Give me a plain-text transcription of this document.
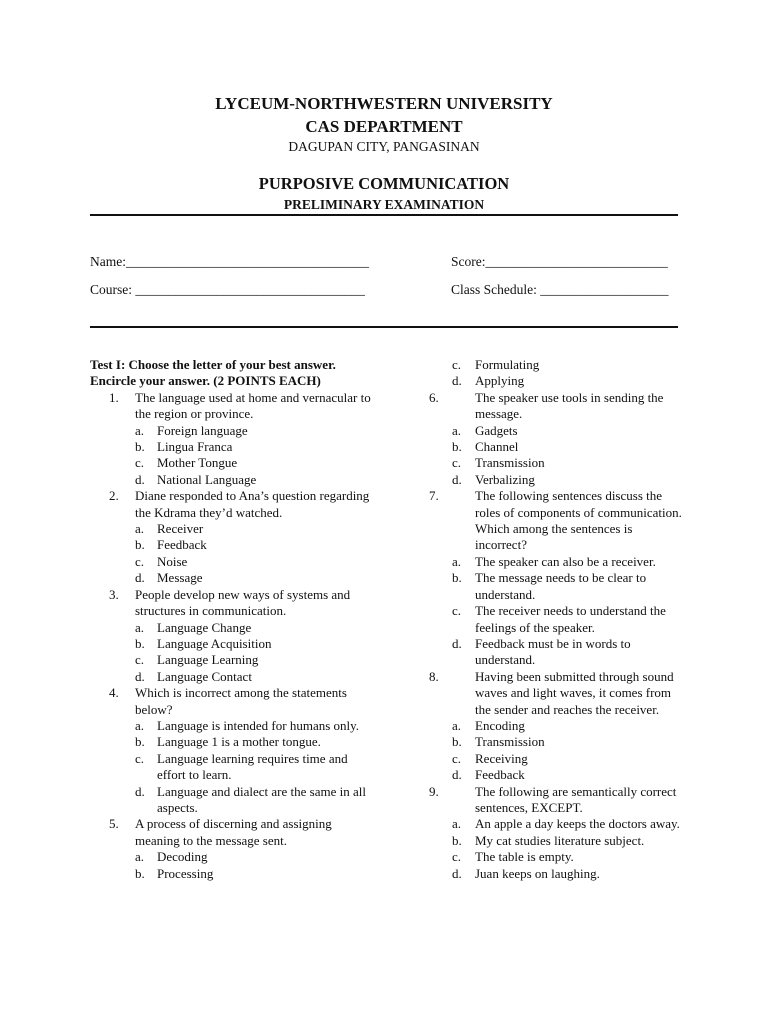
LYCEUM-NORTHWESTERN UNIVERSITY
CAS DEPARTMENT
DAGUPAN CITY, PANGASINAN
PURPOSIVE COMMUNICATION
PRELIMINARY EXAMINATION
Name:____________________________________	Score:___________________________
Course: __________________________________	Class Schedule: ___________________
Test I: Choose the letter of your best answer.
Encircle your answer. (2 POINTS EACH)
1. The language used at home and vernacular to the region or province.
a. Foreign language
b. Lingua Franca
c. Mother Tongue
d. National Language
2. Diane responded to Ana’s question regarding the Kdrama they’d watched.
a. Receiver
b. Feedback
c. Noise
d. Message
3. People develop new ways of systems and structures in communication.
a. Language Change
b. Language Acquisition
c. Language Learning
d. Language Contact
4. Which is incorrect among the statements below?
a. Language is intended for humans only.
b. Language 1 is a mother tongue.
c. Language learning requires time and effort to learn.
d. Language and dialect are the same in all aspects.
5. A process of discerning and assigning meaning to the message sent.
a. Decoding
b. Processing
c. Formulating
d. Applying
6.	The speaker use tools in sending the message.
a. Gadgets
b. Channel
c. Transmission
d. Verbalizing
7.	The following sentences discuss the roles of components of communication. Which among the sentences is incorrect?
a. The speaker can also be a receiver.
b. The message needs to be clear to understand.
c. The receiver needs to understand the feelings of the speaker.
d. Feedback must be in words to understand.
8.	Having been submitted through sound waves and light waves, it comes from the sender and reaches the receiver.
a. Encoding
b. Transmission
c. Receiving
d. Feedback
9.	The following are semantically correct sentences, EXCEPT.
a. An apple a day keeps the doctors away.
b. My cat studies literature subject.
c. The table is empty.
d. Juan keeps on laughing.
